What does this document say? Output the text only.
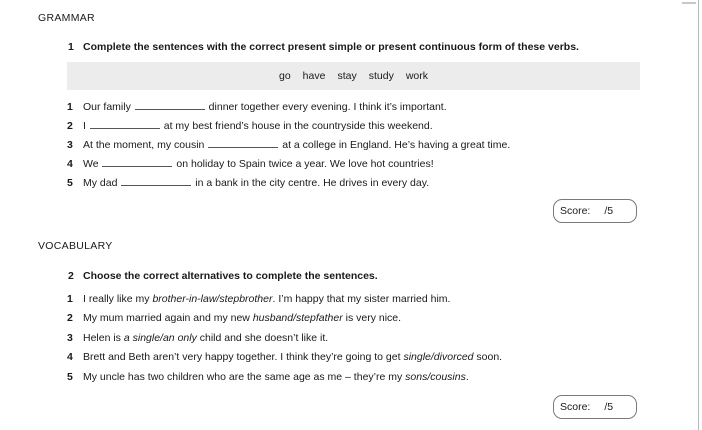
GRAMMAR
1 Complete the sentences with the correct present simple or present continuous form of these verbs.
go have stay study work
1 Our family	dinner together every evening. I think it’s important.
2 I	at my best friend’s house in the countryside this weekend.
3 At the moment, my cousin	at a college in England. He’s having a great time.
4 We	on holiday to Spain twice a year. We love hot countries!
5 My dad	in a bank in the city centre. He drives in every day.
Score: /5
VOCABULARY
2 Choose the correct alternatives to complete the sentences.
1 I really like my brother-in-law/stepbrother. I’m happy that my sister married him.
2 My mum married again and my new husband/stepfather is very nice.
3 Helen is a single/an only child and she doesn’t like it.
4 Brett and Beth aren’t very happy together. I think they’re going to get single/divorced soon.
5 My uncle has two children who are the same age as me – they’re my sons/cousins.
Score: /5
